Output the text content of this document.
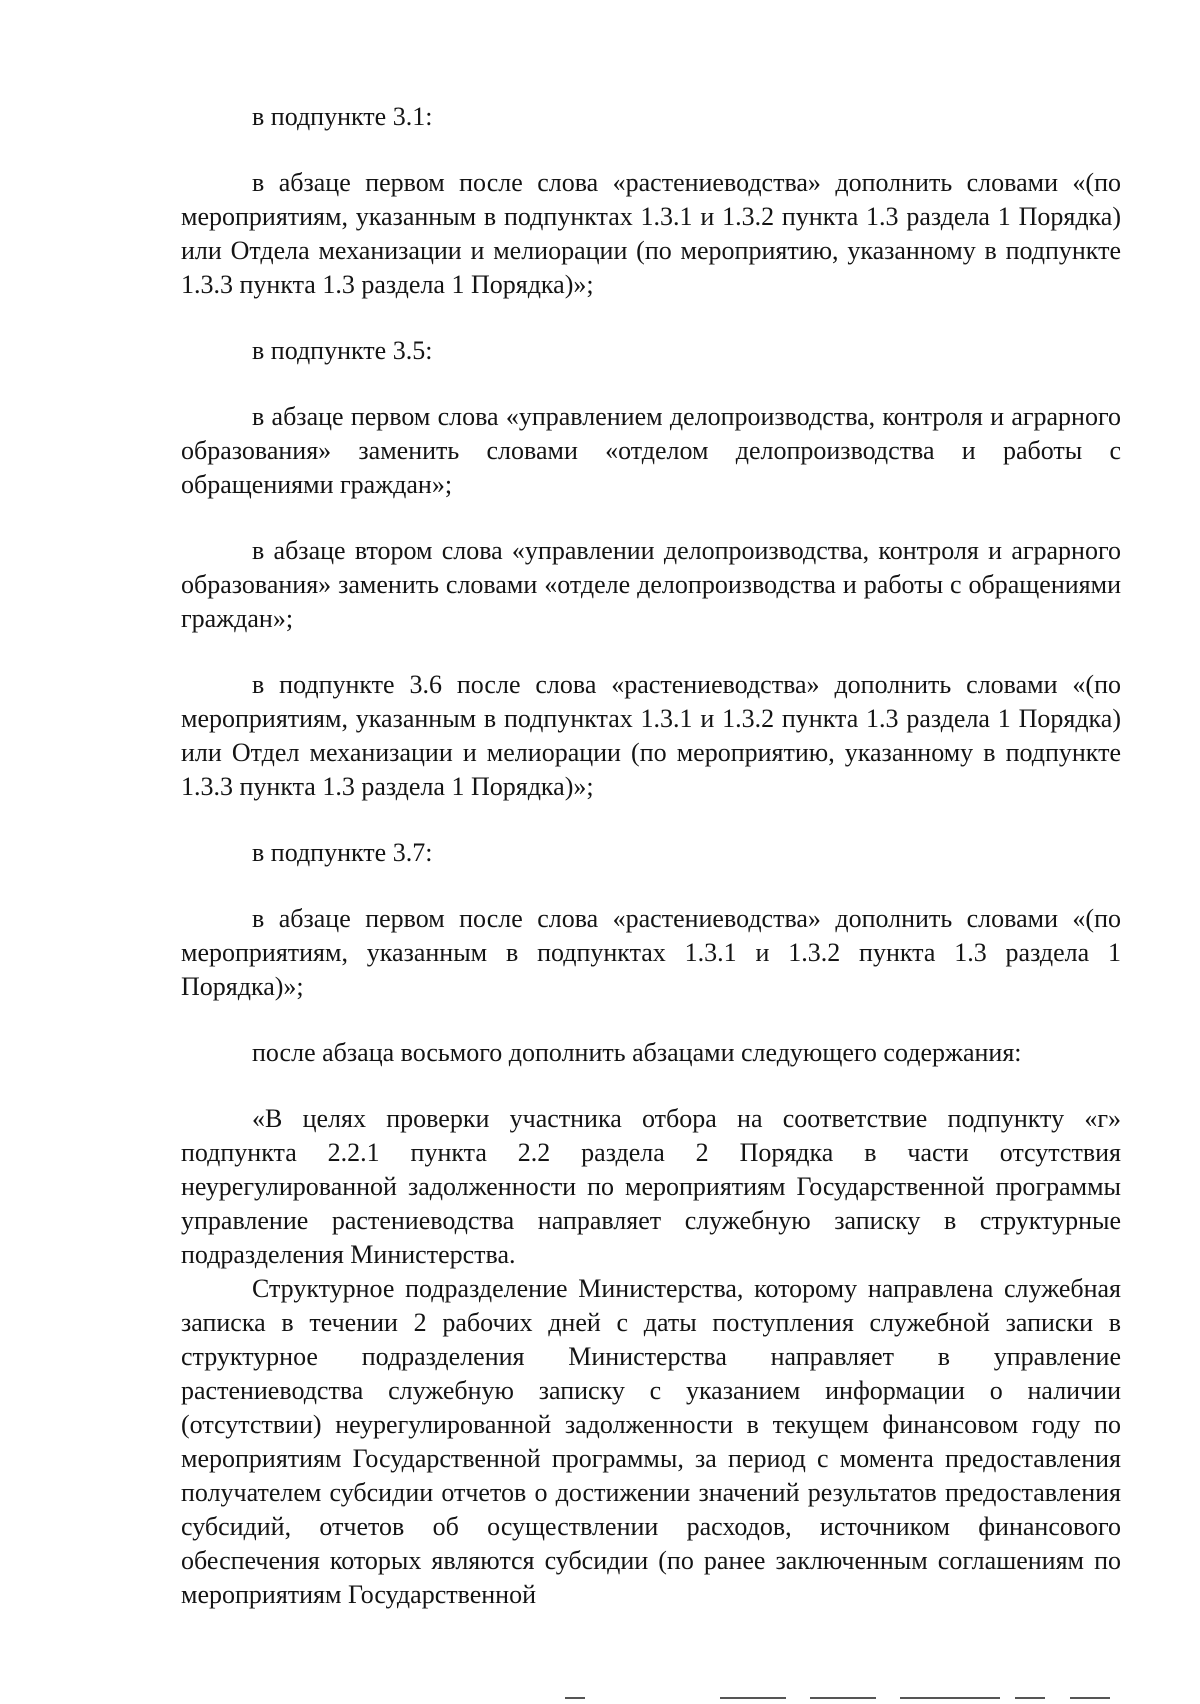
в подпункте 3.1:

в абзаце первом после слова «растениеводства» дополнить словами «(по мероприятиям, указанным в подпунктах 1.3.1 и 1.3.2 пункта 1.3 раздела 1 Порядка) или Отдела механизации и мелиорации (по мероприятию, указанному в подпункте 1.3.3 пункта 1.3 раздела 1 Порядка)»;

в подпункте 3.5:

в абзаце первом слова «управлением делопроизводства, контроля и аграрного образования» заменить словами «отделом делопроизводства и работы с обращениями граждан»;

в абзаце втором слова «управлении делопроизводства, контроля и аграрного образования» заменить словами «отделе делопроизводства и работы с обращениями граждан»;

в подпункте 3.6 после слова «растениеводства» дополнить словами «(по мероприятиям, указанным в подпунктах 1.3.1 и 1.3.2 пункта 1.3 раздела 1 Порядка) или Отдел механизации и мелиорации (по мероприятию, указанному в подпункте 1.3.3 пункта 1.3 раздела 1 Порядка)»;

в подпункте 3.7:

в абзаце первом после слова «растениеводства» дополнить словами «(по мероприятиям, указанным в подпунктах 1.3.1 и 1.3.2 пункта 1.3 раздела 1 Порядка)»;

после абзаца восьмого дополнить абзацами следующего содержания:

«В целях проверки участника отбора на соответствие подпункту «г» подпункта 2.2.1 пункта 2.2 раздела 2 Порядка в части отсутствия неурегулированной задолженности по мероприятиям Государственной программы управление растениеводства направляет служебную записку в структурные подразделения Министерства.

Структурное подразделение Министерства, которому направлена служебная записка в течении 2 рабочих дней с даты поступления служебной записки в структурное подразделения Министерства направляет в управление растениеводства служебную записку с указанием информации о наличии (отсутствии) неурегулированной задолженности в текущем финансовом году по мероприятиям Государственной программы, за период с момента предоставления получателем субсидии отчетов о достижении значений результатов предоставления субсидий, отчетов об осуществлении расходов, источником финансового обеспечения которых являются субсидии (по ранее заключенным соглашениям по мероприятиям Государственной
